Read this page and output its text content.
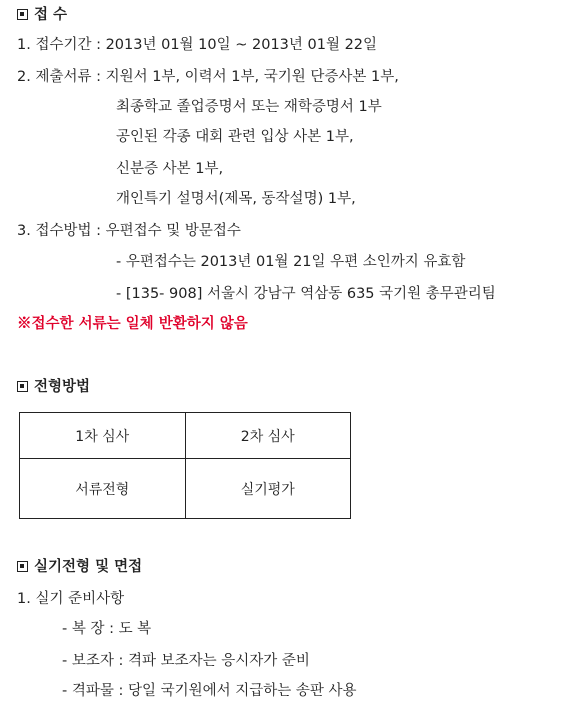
접 수
1. 접수기간 : 2013년 01월 10일 ~ 2013년 01월 22일
2. 제출서류 : 지원서 1부, 이력서 1부, 국기원 단증사본 1부,
최종학교 졸업증명서 또는 재학증명서 1부
공인된 각종 대회 관련 입상 사본 1부,
신분증 사본 1부,
개인특기 설명서(제목, 동작설명) 1부,
3. 접수방법 : 우편접수 및 방문접수
- 우편접수는 2013년 01월 21일 우편 소인까지 유효함
- [135- 908] 서울시 강남구 역삼동 635 국기원 총무관리팀
※접수한 서류는 일체 반환하지 않음
전형방법
1차 심사	2차 심사
서류전형	실기평가
실기전형 및 면접
1. 실기 준비사항
- 복 장 : 도 복
- 보조자 : 격파 보조자는 응시자가 준비
- 격파물 : 당일 국기원에서 지급하는 송판 사용
